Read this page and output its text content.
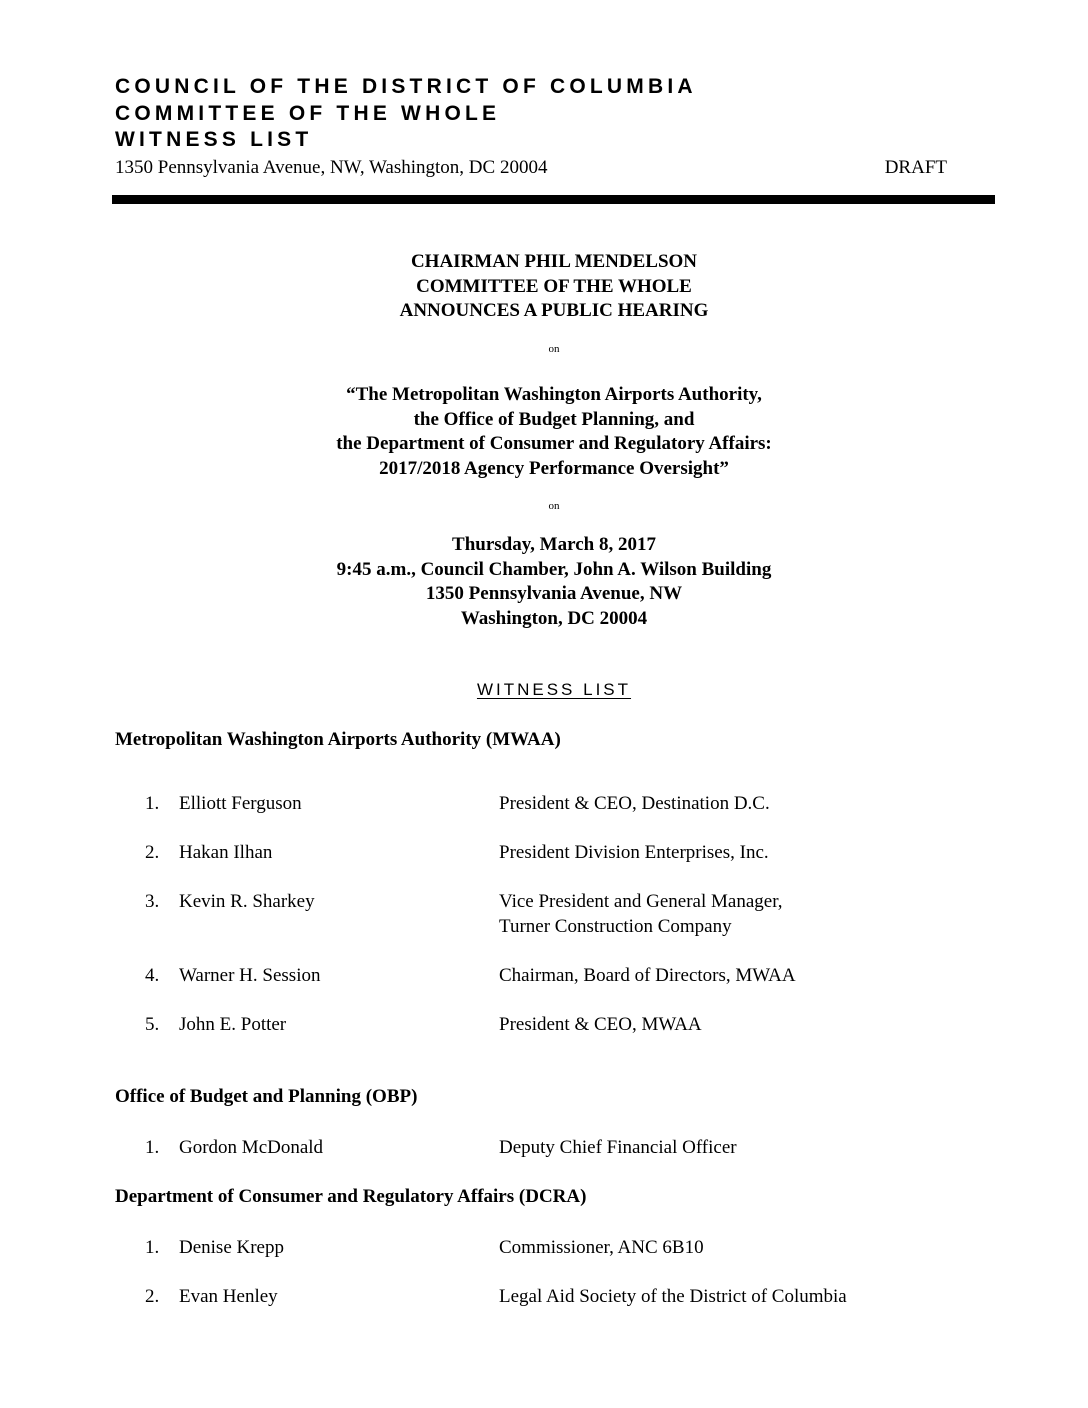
COUNCIL OF THE DISTRICT OF COLUMBIA
COMMITTEE OF THE WHOLE
WITNESS LIST
1350 Pennsylvania Avenue, NW, Washington, DC 20004	DRAFT
CHAIRMAN PHIL MENDELSON
COMMITTEE OF THE WHOLE
ANNOUNCES A PUBLIC HEARING
on
“The Metropolitan Washington Airports Authority,
the Office of Budget Planning, and
the Department of Consumer and Regulatory Affairs:
2017/2018 Agency Performance Oversight”
on
Thursday, March 8, 2017
9:45 a.m., Council Chamber, John A. Wilson Building
1350 Pennsylvania Avenue, NW
Washington, DC 20004
WITNESS LIST
Metropolitan Washington Airports Authority (MWAA)
1. Elliott Ferguson	President & CEO, Destination D.C.
2. Hakan Ilhan	President Division Enterprises, Inc.
3. Kevin R. Sharkey	Vice President and General Manager,
Turner Construction Company
4. Warner H. Session	Chairman, Board of Directors, MWAA
5. John E. Potter	President & CEO, MWAA
Office of Budget and Planning (OBP)
1. Gordon McDonald	Deputy Chief Financial Officer
Department of Consumer and Regulatory Affairs (DCRA)
1. Denise Krepp	Commissioner, ANC 6B10
2. Evan Henley	Legal Aid Society of the District of Columbia
